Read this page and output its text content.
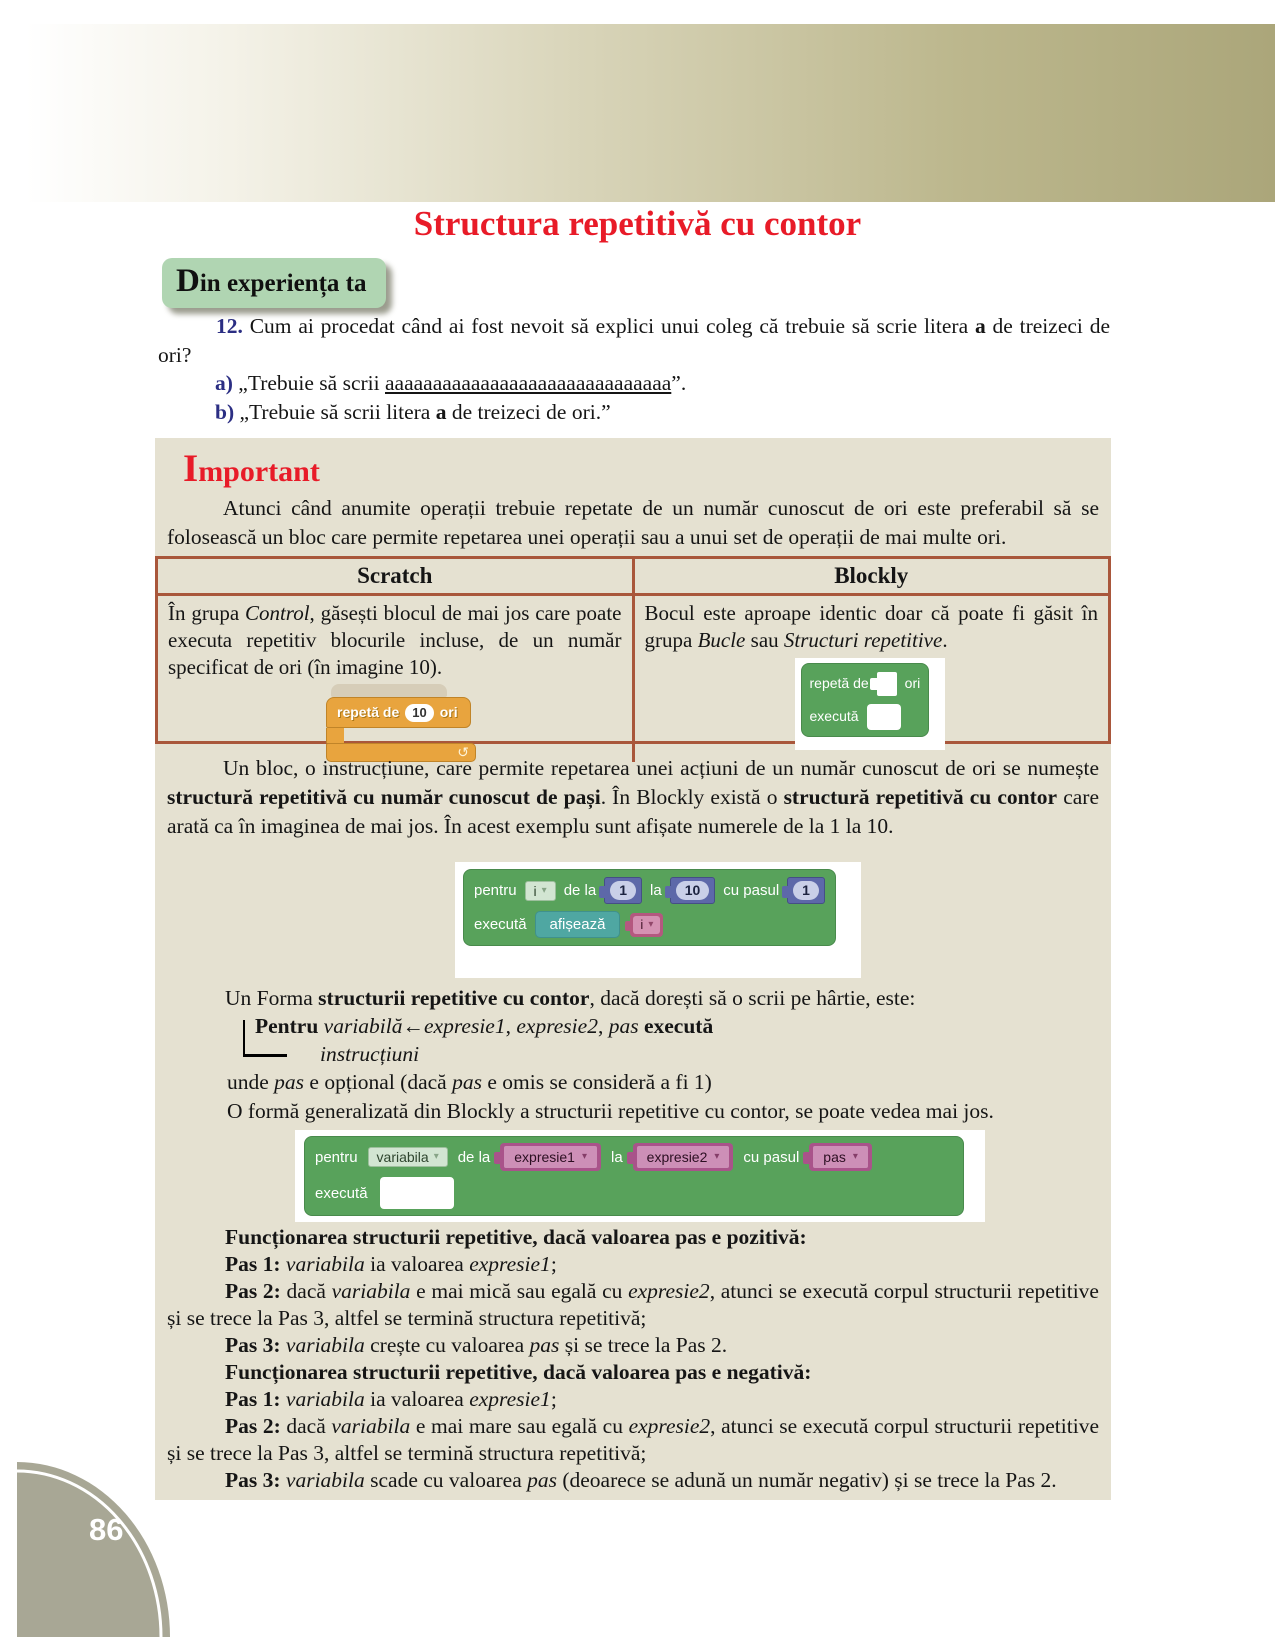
Structura repetitivă cu contor
Din experiența ta
12. Cum ai procedat când ai fost nevoit să explici unui coleg că trebuie să scrie litera a de treizeci de ori?
a) „Trebuie să scrii aaaaaaaaaaaaaaaaaaaaaaaaaaaaaa”.
b) „Trebuie să scrii litera a de treizeci de ori.”
Important
Atunci când anumite operații trebuie repetate de un număr cunoscut de ori este preferabil să se folosească un bloc care permite repetarea unei operații sau a unui set de operații de mai multe ori.
Scratch	Blockly
În grupa Control, găsești blocul de mai jos care poate executa repetitiv blocurile incluse, de un număr specificat de ori (în imagine 10).
repetă de	10 ori
↺
Bocul este aproape identic doar că poate fi găsit în grupa Bucle sau Structuri repetitive.
repetă de	ori
execută
Un bloc, o instrucțiune, care permite repetarea unei acțiuni de un număr cunoscut de ori se numește structură repetitivă cu număr cunoscut de pași. În Blockly există o structură repetitivă cu contor care arată ca în imaginea de mai jos. În acest exemplu sunt afișate numerele de la 1 la 10.
pentru i ▾ de la	1	la	10	cu pasul	1
execută afișează	i ▾
Un Forma structurii repetitive cu contor, dacă dorești să o scrii pe hârtie, este:
Pentru variabilă←expresie1, expresie2, pas execută
instrucțiuni
unde pas e opțional (dacă pas e omis se consideră a fi 1)
O formă generalizată din Blockly a structurii repetitive cu contor, se poate vedea mai jos.
pentru variabila ▾ de la expresie1 ▾ la expresie2 ▾ cu pasul pas ▾
execută

Funcționarea structurii repetitive, dacă valoarea pas e pozitivă:

Pas 1: variabila ia valoarea expresie1;

Pas 2: dacă variabila e mai mică sau egală cu expresie2, atunci se execută corpul structurii repetitive și se trece la Pas 3, altfel se termină structura repetitivă;

Pas 3: variabila crește cu valoarea pas și se trece la Pas 2.

Funcționarea structurii repetitive, dacă valoarea pas e negativă:

Pas 1: variabila ia valoarea expresie1;

Pas 2: dacă variabila e mai mare sau egală cu expresie2, atunci se execută corpul structurii repetitive și se trece la Pas 3, altfel se termină structura repetitivă;

Pas 3: variabila scade cu valoarea pas (deoarece se adună un număr negativ) și se trece la Pas 2.

86
